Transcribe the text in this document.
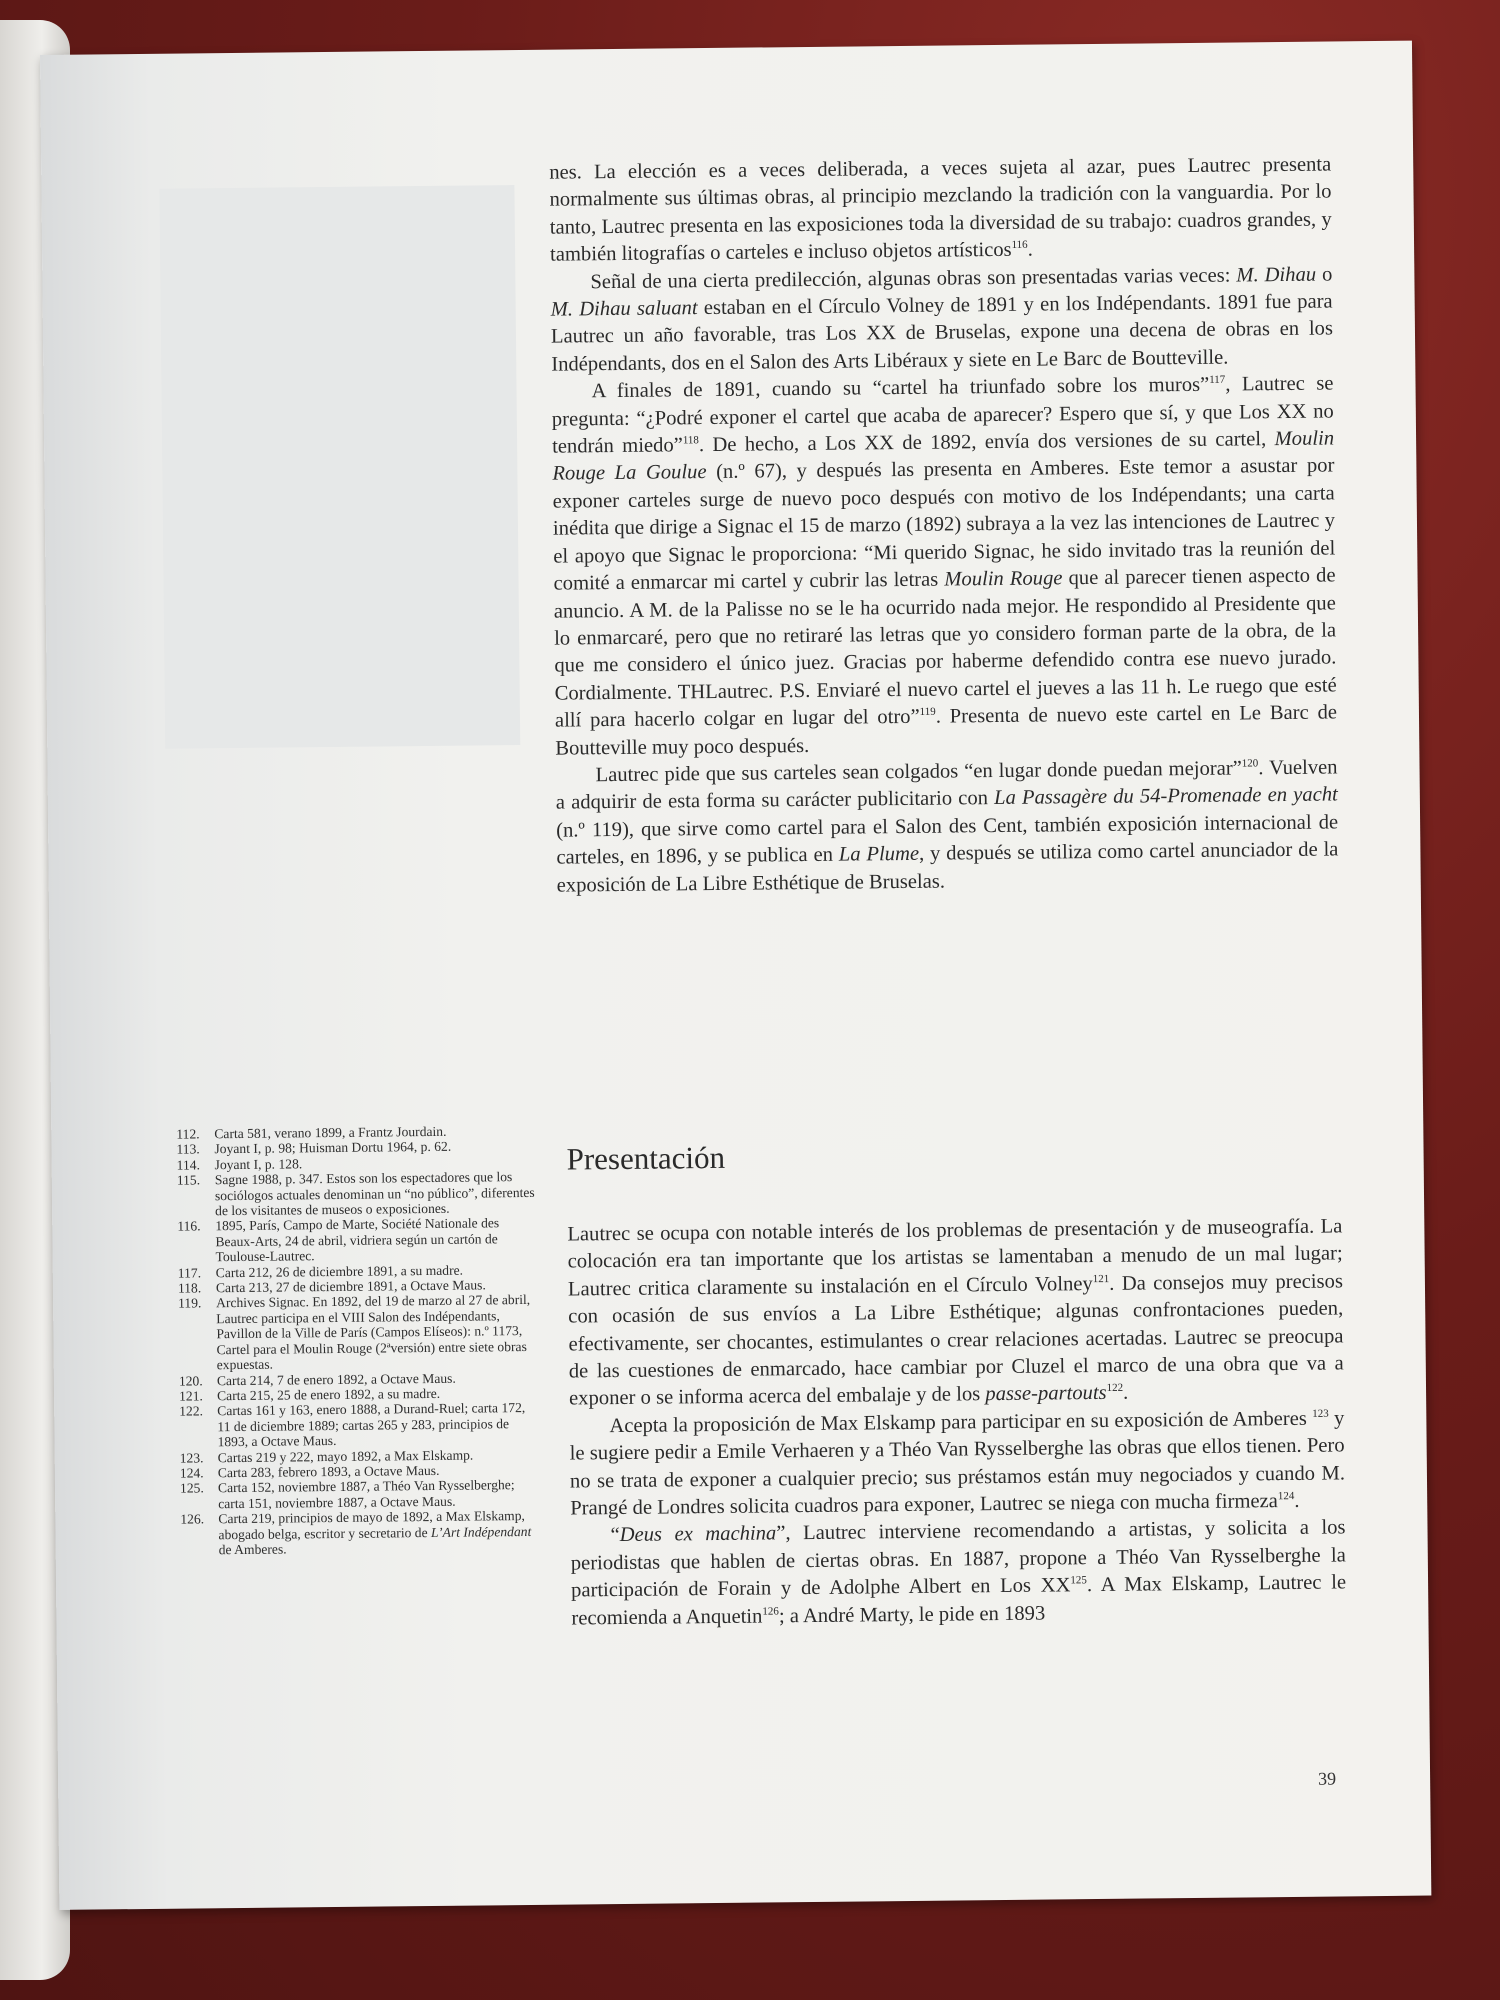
nes. La elección es a veces deliberada, a veces sujeta al azar, pues Lautrec presenta normalmente sus últimas obras, al principio mezclando la tradición con la vanguardia. Por lo tanto, Lautrec presenta en las exposiciones toda la diversidad de su trabajo: cuadros grandes, y también litografías o carteles e incluso objetos artísticos$^{116}$.

Señal de una cierta predilección, algunas obras son presentadas varias veces: M. Dihau o M. Dihau saluant estaban en el Círculo Volney de 1891 y en los Indépendants. 1891 fue para Lautrec un año favorable, tras Los XX de Bruselas, expone una decena de obras en los Indépendants, dos en el Salon des Arts Libéraux y siete en Le Barc de Boutteville.

A finales de 1891, cuando su “cartel ha triunfado sobre los muros”$^{117}$, Lautrec se pregunta: “¿Podré exponer el cartel que acaba de aparecer? Espero que sí, y que Los XX no tendrán miedo”$^{118}$. De hecho, a Los XX de 1892, envía dos versiones de su cartel, Moulin Rouge La Goulue (n.º 67), y después las presenta en Amberes. Este temor a asustar por exponer carteles surge de nuevo poco después con motivo de los Indépendants; una carta inédita que dirige a Signac el 15 de marzo (1892) subraya a la vez las intenciones de Lautrec y el apoyo que Signac le proporciona: “Mi querido Signac, he sido invitado tras la reunión del comité a enmarcar mi cartel y cubrir las letras Moulin Rouge que al parecer tienen aspecto de anuncio. A M. de la Palisse no se le ha ocurrido nada mejor. He respondido al Presidente que lo enmarcaré, pero que no retiraré las letras que yo considero forman parte de la obra, de la que me considero el único juez. Gracias por haberme defendido contra ese nuevo jurado. Cordialmente. THLautrec. P.S. Enviaré el nuevo cartel el jueves a las 11 h. Le ruego que esté allí para hacerlo colgar en lugar del otro”$^{119}$. Presenta de nuevo este cartel en Le Barc de Boutteville muy poco después.

Lautrec pide que sus carteles sean colgados “en lugar donde puedan mejorar”$^{120}$. Vuelven a adquirir de esta forma su carácter publicitario con La Passagère du 54-Promenade en yacht (n.º 119), que sirve como cartel para el Salon des Cent, también exposición internacional de carteles, en 1896, y se publica en La Plume, y después se utiliza como cartel anunciador de la exposición de La Libre Esthétique de Bruselas.

Presentación

Lautrec se ocupa con notable interés de los problemas de presentación y de museografía. La colocación era tan importante que los artistas se lamentaban a menudo de un mal lugar; Lautrec critica claramente su instalación en el Círculo Volney$^{121}$. Da consejos muy precisos con ocasión de sus envíos a La Libre Esthétique; algunas confrontaciones pueden, efectivamente, ser chocantes, estimulantes o crear relaciones acertadas. Lautrec se preocupa de las cuestiones de enmarcado, hace cambiar por Cluzel el marco de una obra que va a exponer o se informa acerca del embalaje y de los passe-partouts$^{122}$.

Acepta la proposición de Max Elskamp para participar en su exposición de Amberes $^{123}$ y le sugiere pedir a Emile Verhaeren y a Théo Van Rysselberghe las obras que ellos tienen. Pero no se trata de exponer a cualquier precio; sus préstamos están muy negociados y cuando M. Prangé de Londres solicita cuadros para exponer, Lautrec se niega con mucha firmeza$^{124}$.

“Deus ex machina”, Lautrec interviene recomendando a artistas, y solicita a los periodistas que hablen de ciertas obras. En 1887, propone a Théo Van Rysselberghe la participación de Forain y de Adolphe Albert en Los XX$^{125}$. A Max Elskamp, Lautrec le recomienda a Anquetin$^{126}$; a André Marty, le pide en 1893

112. Carta 581, verano 1899, a Frantz Jourdain.
113. Joyant I, p. 98; Huisman Dortu 1964, p. 62.
114. Joyant I, p. 128.
115. Sagne 1988, p. 347. Estos son los espectadores que los sociólogos actuales denominan un “no público”, diferentes de los visitantes de museos o exposiciones.
116. 1895, París, Campo de Marte, Société Nationale des Beaux-Arts, 24 de abril, vidriera según un cartón de Toulouse-Lautrec.
117. Carta 212, 26 de diciembre 1891, a su madre.
118. Carta 213, 27 de diciembre 1891, a Octave Maus.
119. Archives Signac. En 1892, del 19 de marzo al 27 de abril, Lautrec participa en el VIII Salon des Indépendants, Pavillon de la Ville de París (Campos Elíseos): n.º 1173, Cartel para el Moulin Rouge (2ªversión) entre siete obras expuestas.
120. Carta 214, 7 de enero 1892, a Octave Maus.
121. Carta 215, 25 de enero 1892, a su madre.
122. Cartas 161 y 163, enero 1888, a Durand-Ruel; carta 172, 11 de diciembre 1889; cartas 265 y 283, principios de 1893, a Octave Maus.
123. Cartas 219 y 222, mayo 1892, a Max Elskamp.
124. Carta 283, febrero 1893, a Octave Maus.
125. Carta 152, noviembre 1887, a Théo Van Rysselberghe; carta 151, noviembre 1887, a Octave Maus.
126. Carta 219, principios de mayo de 1892, a Max Elskamp, abogado belga, escritor y secretario de L’Art Indépendant de Amberes.
39
